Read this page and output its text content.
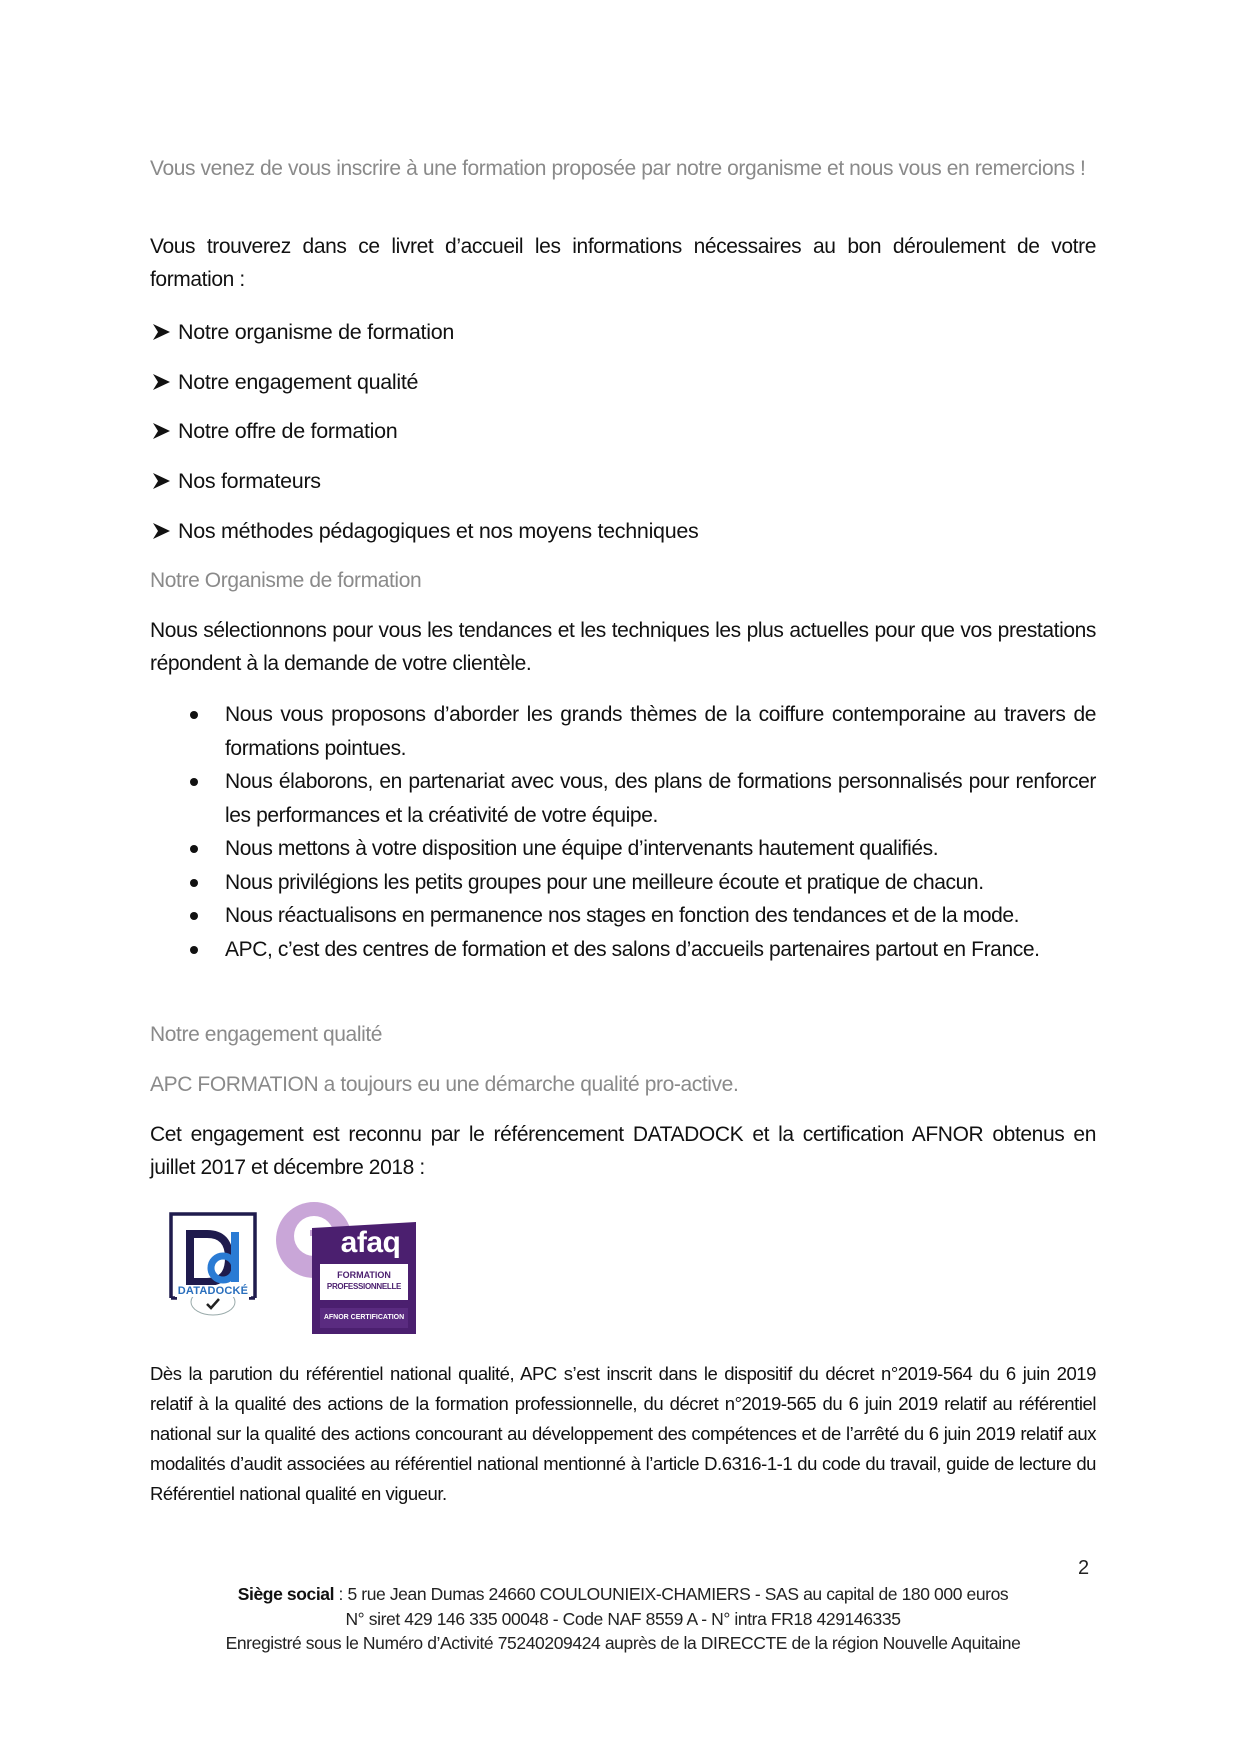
Vous venez de vous inscrire à une formation proposée par notre organisme et nous vous en remercions !

Vous trouverez dans ce livret d’accueil les informations nécessaires au bon déroulement de votre formation :

Notre organisme de formation
Notre engagement qualité
Notre offre de formation
Nos formateurs
Nos méthodes pédagogiques et nos moyens techniques
Notre Organisme de formation

Nous sélectionnons pour vous les tendances et les techniques les plus actuelles pour que vos prestations répondent à la demande de votre clientèle.

Nous vous proposons d’aborder les grands thèmes de la coiffure contemporaine au travers de formations pointues.
Nous élaborons, en partenariat avec vous, des plans de formations personnalisés pour renforcer les performances et la créativité de votre équipe.
Nous mettons à votre disposition une équipe d’intervenants hautement qualifiés.
Nous privilégions les petits groupes pour une meilleure écoute et pratique de chacun.
Nous réactualisons en permanence nos stages en fonction des tendances et de la mode.
APC, c’est des centres de formation et des salons d’accueils partenaires partout en France.
Notre engagement qualité

APC FORMATION a toujours eu une démarche qualité pro-active.

Cet engagement est reconnu par le référencement DATADOCK et la certification AFNOR obtenus en juillet 2017 et décembre 2018 :

DATADOCKÉ
afaq
FORMATION
PROFESSIONNELLE
AFNOR CERTIFICATION

Dès la parution du référentiel national qualité, APC s’est inscrit dans le dispositif du décret n°2019-564 du 6 juin 2019 relatif à la qualité des actions de la formation professionnelle, du décret n°2019-565 du 6 juin 2019 relatif au référentiel national sur la qualité des actions concourant au développement des compétences et de l’arrêté du 6 juin 2019 relatif aux modalités d’audit associées au référentiel national mentionné à l’article D.6316-1-1 du code du travail, guide de lecture du Référentiel national qualité en vigueur.

2
Siège social : 5 rue Jean Dumas 24660 COULOUNIEIX-CHAMIERS - SAS au capital de 180 000 euros
N° siret 429 146 335 00048 - Code NAF 8559 A - N° intra FR18 429146335
Enregistré sous le Numéro d’Activité 75240209424 auprès de la DIRECCTE de la région Nouvelle Aquitaine
